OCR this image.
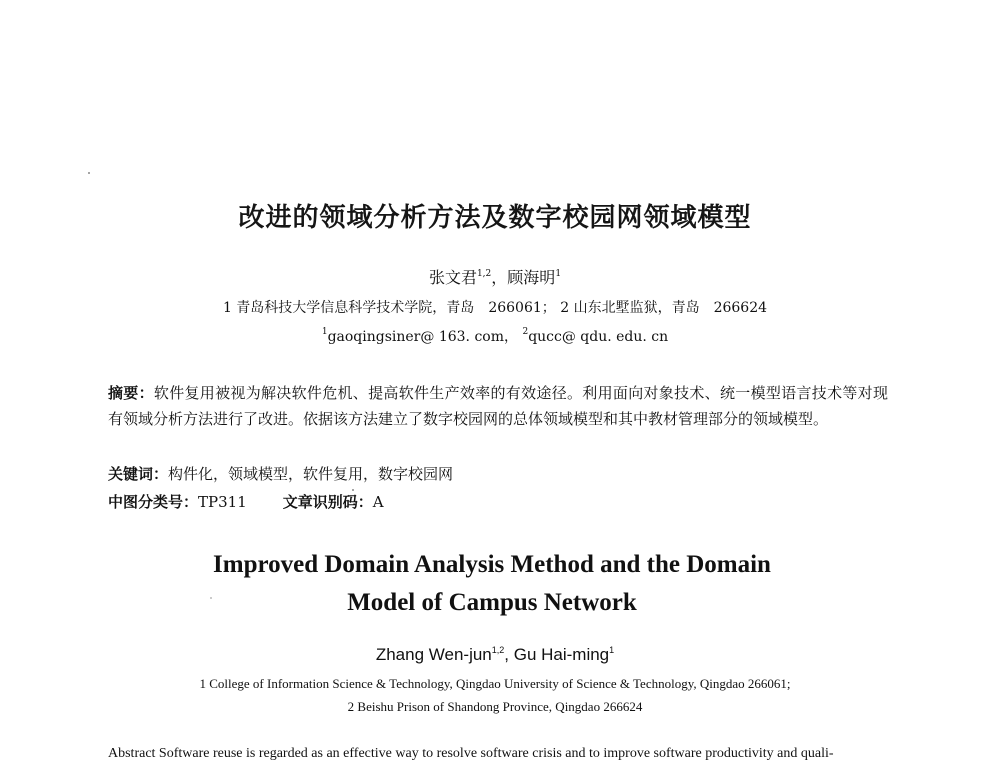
改进的领域分析方法及数字校园网领域模型
张文君$^{1,2}$，顾海明$^1$
1 青岛科技大学信息科学技术学院，青岛 266061； 2 山东北墅监狱，青岛 266624
$^1$gaoqingsiner@ 163. com， $^2$qucc@ qdu. edu. cn
摘要：软件复用被视为解决软件危机、提高软件生产效率的有效途径。利用面向对象技术、统一模型语言技术等对现有领域分析方法进行了改进。依据该方法建立了数字校园网的总体领域模型和其中教材管理部分的领域模型。
关键词：构件化，领域模型，软件复用，数字校园网
中图分类号：TP311 文章识别码：A
Improved Domain Analysis Method and the Domain
Model of Campus Network
Zhang Wen-jun$^{1,2}$, Gu Hai-ming$^1$
1 College of Information Science & Technology, Qingdao University of Science & Technology, Qingdao 266061;
2 Beishu Prison of Shandong Province, Qingdao 266624
Abstract Software reuse is regarded as an effective way to resolve software crisis and to improve software productivity and quali-
